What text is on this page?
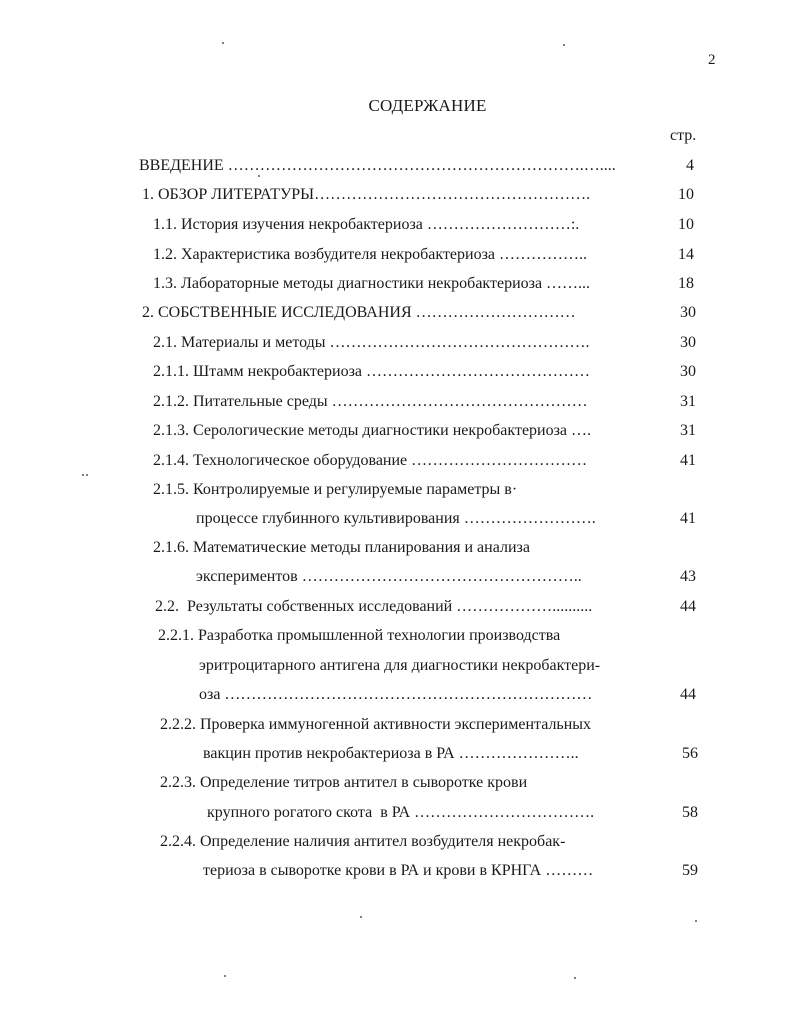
2
СОДЕРЖАНИЕ
стр.
ВВЕДЕНИЕ ………………………………………………………….…....	4
1. ОБЗОР ЛИТЕРАТУРЫ…………………………………………….	10
1.1. История изучения некробактериоза ………………………:.	10
1.2. Характеристика возбудителя некробактериоза ……………..	14
1.3. Лабораторные методы диагностики некробактериоза ……...	18
2. СОБСТВЕННЫЕ ИССЛЕДОВАНИЯ …………………………	30
2.1. Материалы и методы ………………………………………….	30
2.1.1. Штамм некробактериоза ……………………………………	30
2.1.2. Питательные среды …………………………………………	31
2.1.3. Серологические методы диагностики некробактериоза ….	31
2.1.4. Технологическое оборудование ……………………………	41
2.1.5. Контролируемые и регулируемые параметры в·
процессе глубинного культивирования …………………….	41
2.1.6. Математические методы планирования и анализа
экспериментов ……………………………………………..	43
2.2.  Результаты собственных исследований ………………..........	44
2.2.1. Разработка промышленной технологии производства
эритроцитарного антигена для диагностики некробактери-
оза ……………………………………………………………	44
2.2.2. Проверка иммуногенной активности экспериментальных
вакцин против некробактериоза в РА …………………..	56
2.2.3. Определение титров антител в сыворотке крови
крупного рогатого скота  в РА …………………………….	58
2.2.4. Определение наличия антител возбудителя некробак-
териоза в сыворотке крови в РА и крови в КРНГА ………	59
